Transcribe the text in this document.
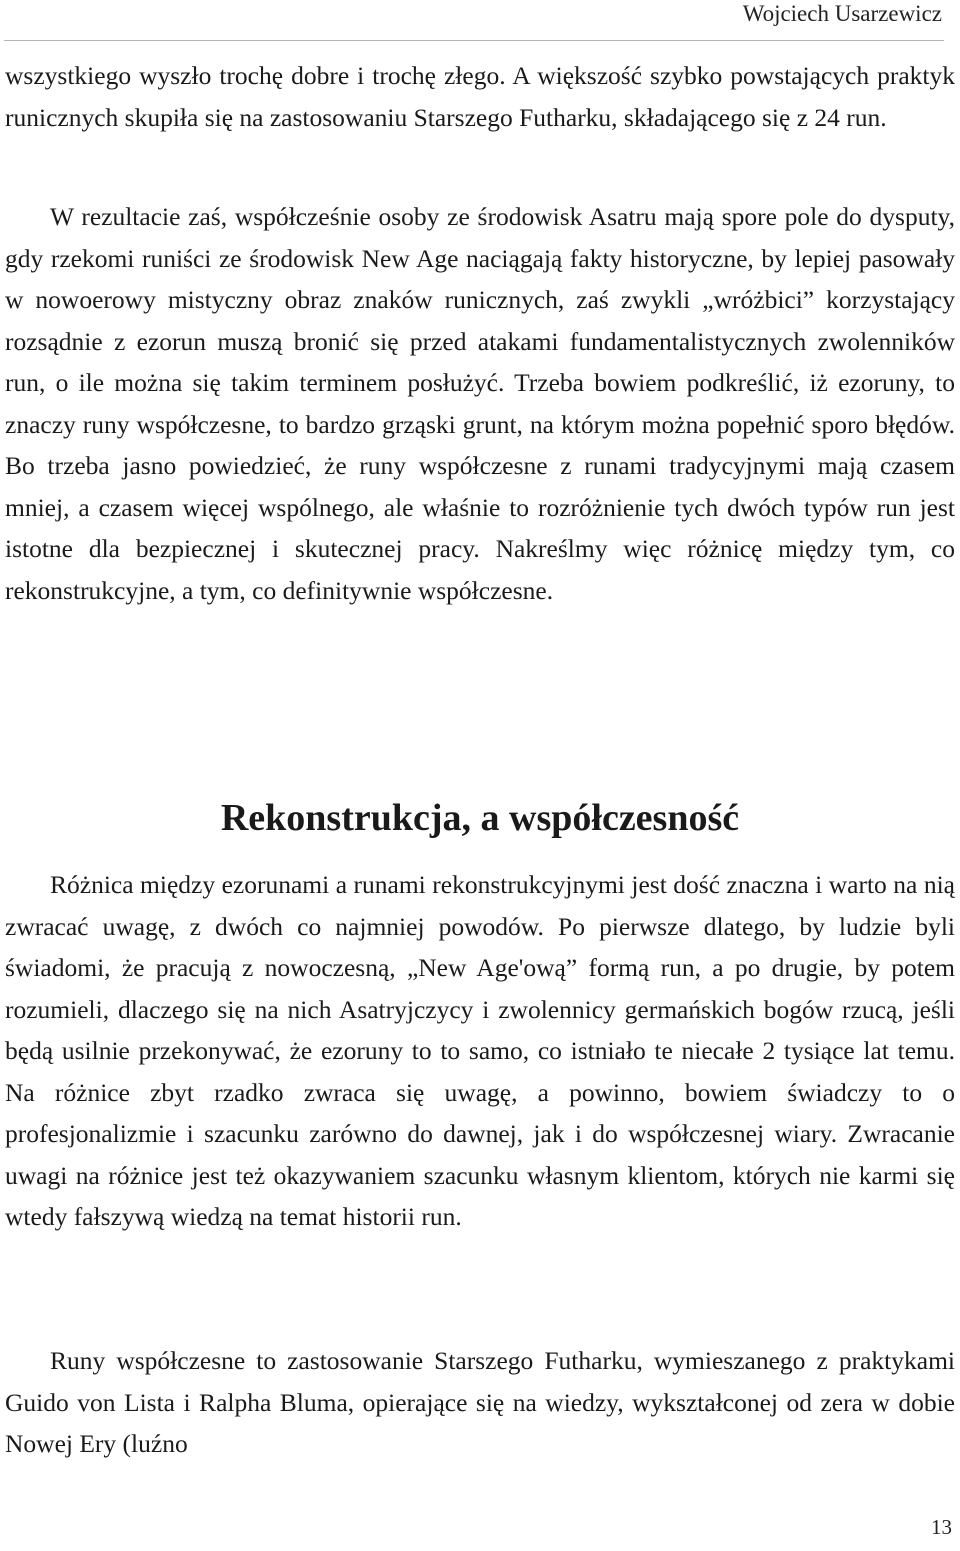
Wojciech Usarzewicz

wszystkiego wyszło trochę dobre i trochę złego. A większość szybko powstających praktyk runicznych skupiła się na zastosowaniu Starszego Futharku, składającego się z 24 run.

W rezultacie zaś, współcześnie osoby ze środowisk Asatru mają spore pole do dysputy, gdy rzekomi runiści ze środowisk New Age naciągają fakty historyczne, by lepiej pasowały w nowoerowy mistyczny obraz znaków runicznych, zaś zwykli „wróżbici” korzystający rozsądnie z ezorun muszą bronić się przed atakami fundamentalistycznych zwolenników run, o ile można się takim terminem posłużyć. Trzeba bowiem podkreślić, iż ezoruny, to znaczy runy współczesne, to bardzo grząski grunt, na którym można popełnić sporo błędów. Bo trzeba jasno powiedzieć, że runy współczesne z runami tradycyjnymi mają czasem mniej, a czasem więcej wspólnego, ale właśnie to rozróżnienie tych dwóch typów run jest istotne dla bezpiecznej i skutecznej pracy. Nakreślmy więc różnicę między tym, co rekonstrukcyjne, a tym, co definitywnie współczesne.

Rekonstrukcja, a współczesność

Różnica między ezorunami a runami rekonstrukcyjnymi jest dość znaczna i warto na nią zwracać uwagę, z dwóch co najmniej powodów. Po pierwsze dlatego, by ludzie byli świadomi, że pracują z nowoczesną, „New Age'ową” formą run, a po drugie, by potem rozumieli, dlaczego się na nich Asatryjczycy i zwolennicy germańskich bogów rzucą, jeśli będą usilnie przekonywać, że ezoruny to to samo, co istniało te niecałe 2 tysiące lat temu. Na różnice zbyt rzadko zwraca się uwagę, a powinno, bowiem świadczy to o profesjonalizmie i szacunku zarówno do dawnej, jak i do współczesnej wiary. Zwracanie uwagi na różnice jest też okazywaniem szacunku własnym klientom, których nie karmi się wtedy fałszywą wiedzą na temat historii run.

Runy współczesne to zastosowanie Starszego Futharku, wymieszanego z praktykami Guido von Lista i Ralpha Bluma, opierające się na wiedzy, wykształconej od zera w dobie Nowej Ery (luźno

13
